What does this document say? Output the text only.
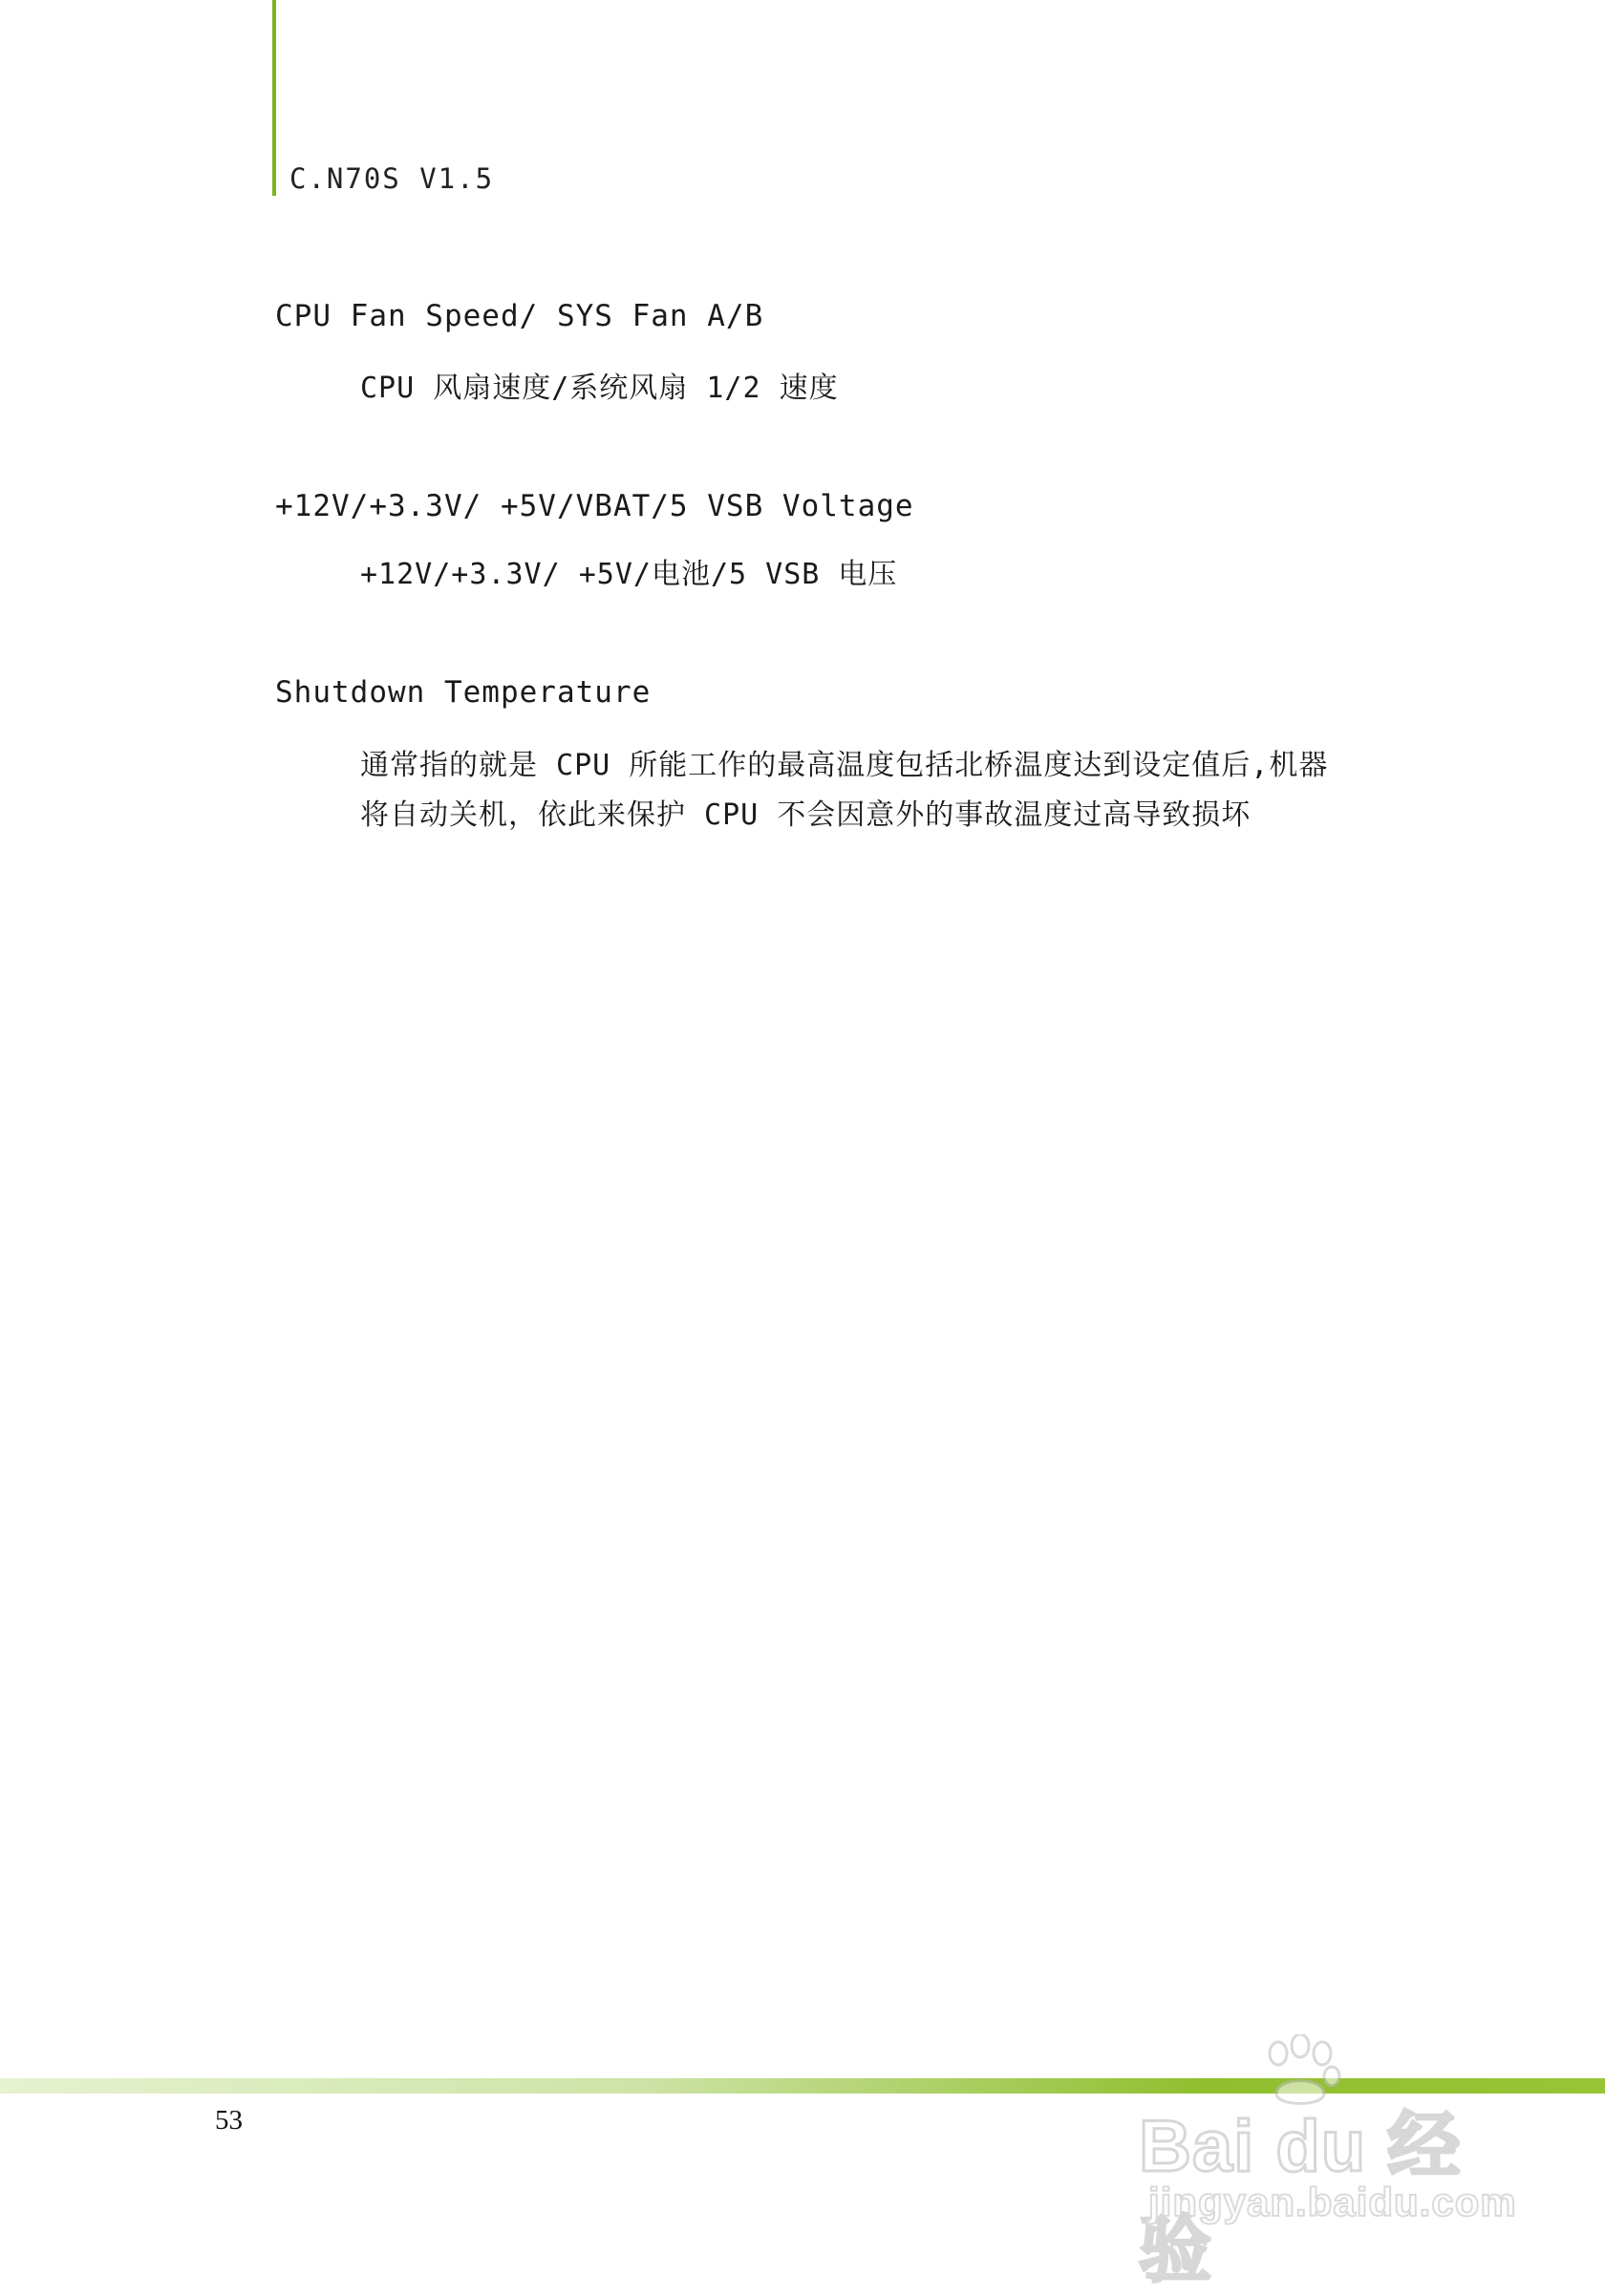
C.N70S V1.5
CPU Fan Speed/ SYS Fan A/B
CPU 风扇速度/系统风扇 1/2 速度
+12V/+3.3V/ +5V/VBAT/5 VSB Voltage
+12V/+3.3V/ +5V/电池/5 VSB 电压
Shutdown Temperature
通常指的就是 CPU 所能工作的最高温度包括北桥温度达到设定值后,机器
将自动关机，依此来保护 CPU 不会因意外的事故温度过高导致损坏
53	Bai du 经验
jingyan.baidu.com
